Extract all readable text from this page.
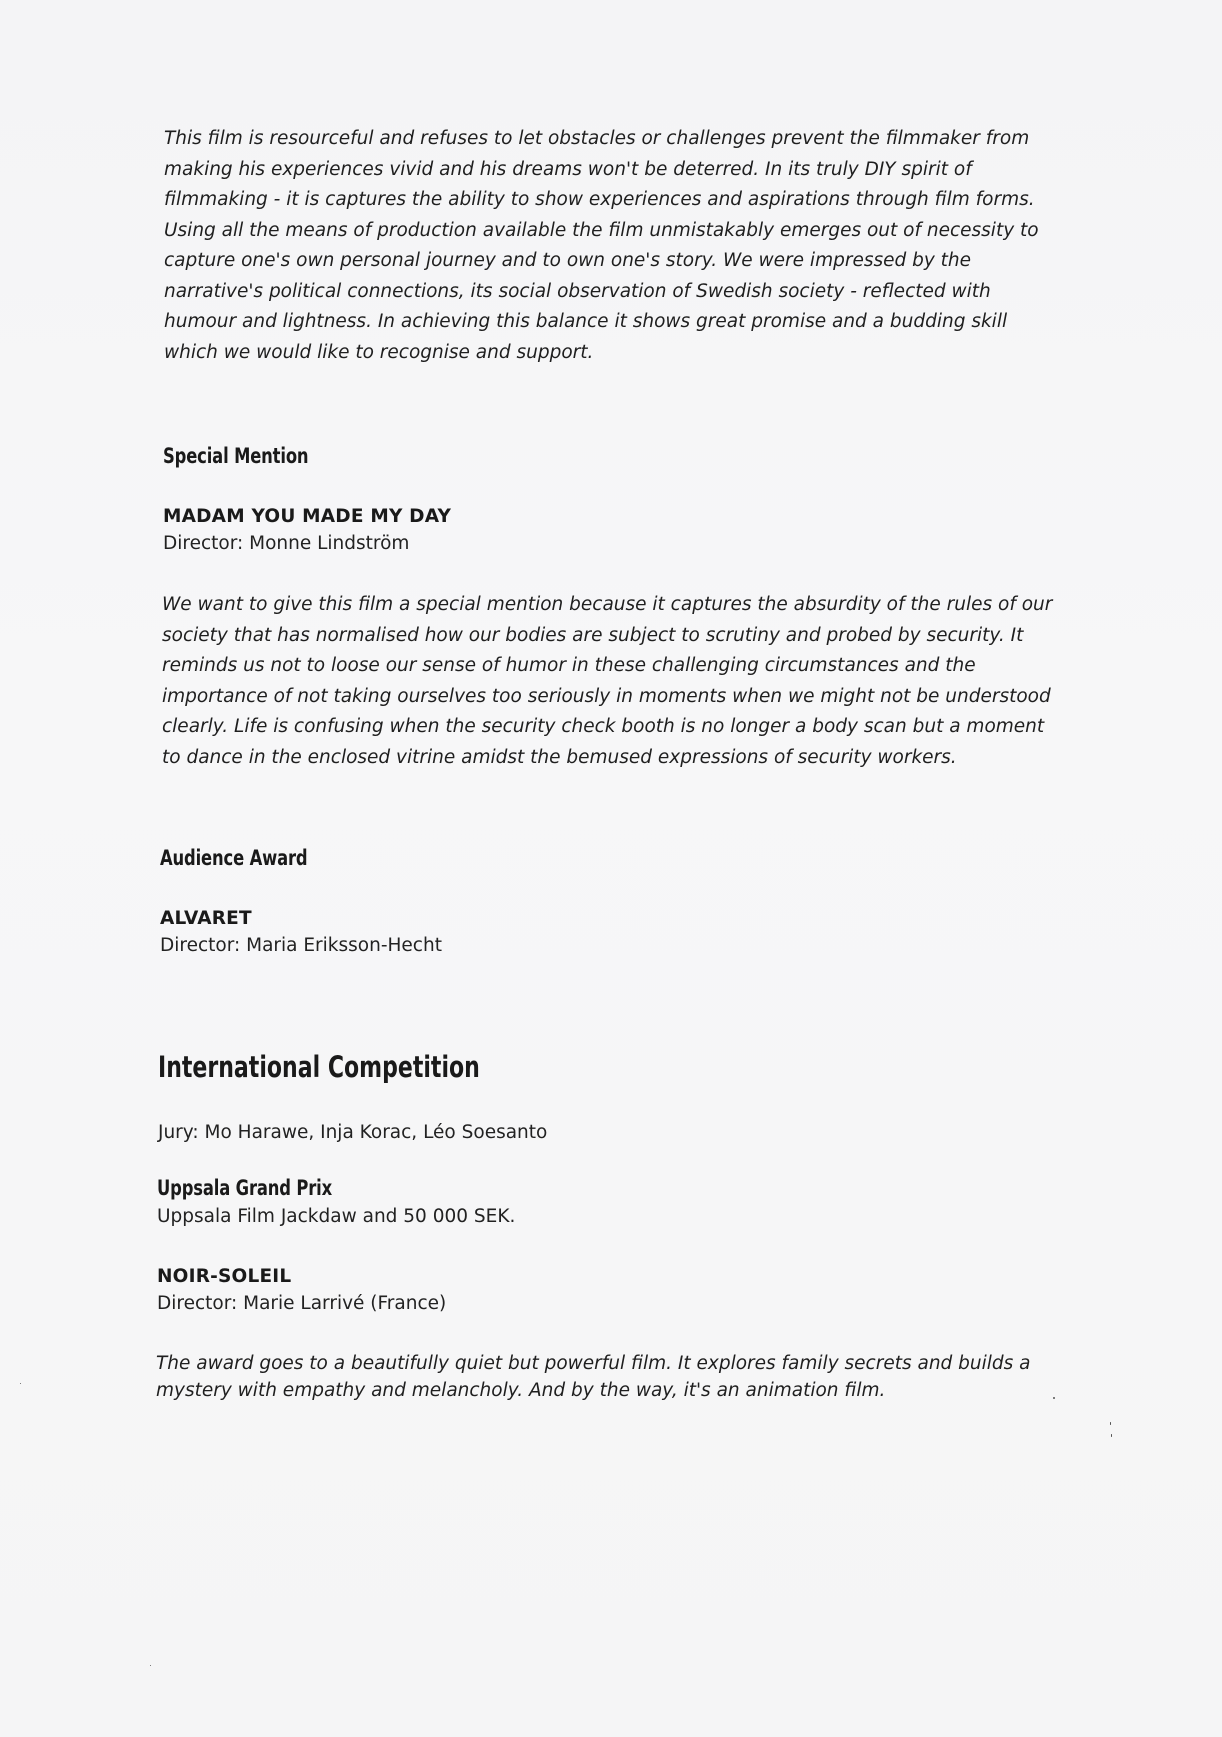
This film is resourceful and refuses to let obstacles or challenges prevent the filmmaker from
making his experiences vivid and his dreams won't be deterred. In its truly DIY spirit of
filmmaking - it is captures the ability to show experiences and aspirations through film forms.
Using all the means of production available the film unmistakably emerges out of necessity to
capture one's own personal journey and to own one's story. We were impressed by the
narrative's political connections, its social observation of Swedish society - reflected with
humour and lightness. In achieving this balance it shows great promise and a budding skill
which we would like to recognise and support.

Special Mention

MADAM YOU MADE MY DAY

Director: Monne Lindström

We want to give this film a special mention because it captures the absurdity of the rules of our
society that has normalised how our bodies are subject to scrutiny and probed by security. It
reminds us not to loose our sense of humor in these challenging circumstances and the
importance of not taking ourselves too seriously in moments when we might not be understood
clearly. Life is confusing when the security check booth is no longer a body scan but a moment
to dance in the enclosed vitrine amidst the bemused expressions of security workers.

Audience Award

ALVARET

Director: Maria Eriksson-Hecht

International Competition

Jury: Mo Harawe, Inja Korac, Léo Soesanto

Uppsala Grand Prix

Uppsala Film Jackdaw and 50 000 SEK.

NOIR-SOLEIL

Director: Marie Larrivé (France)

The award goes to a beautifully quiet but powerful film. It explores family secrets and builds a
mystery with empathy and melancholy. And by the way, it's an animation film.
